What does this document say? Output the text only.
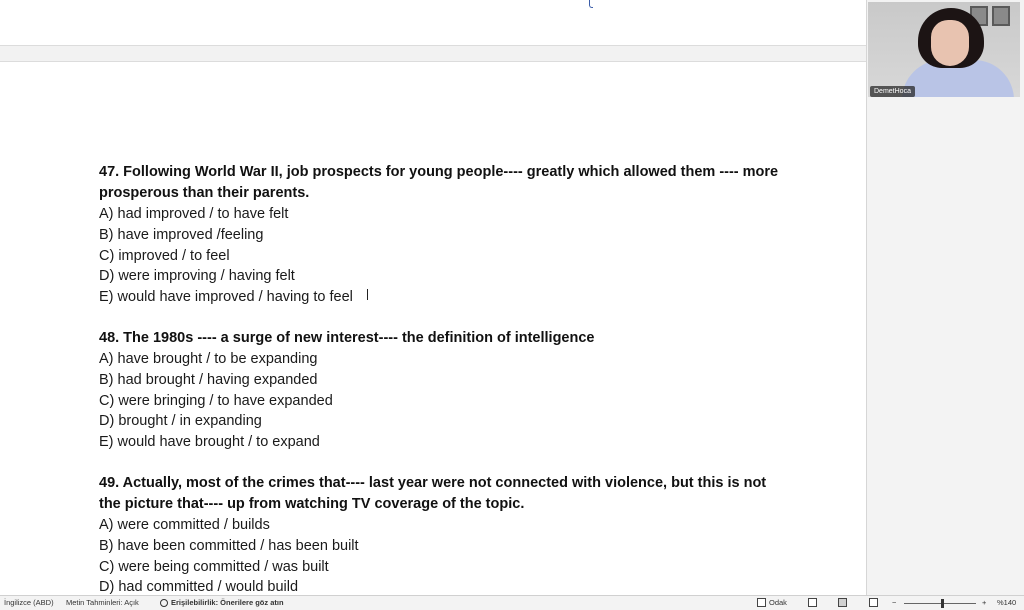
47. Following World War II, job prospects for young people---- greatly which allowed them ---- more prosperous than their parents.

A) had improved / to have felt

B) have improved /feeling

C) improved / to feel

D) were improving / having felt

E) would have improved / having to feel

48. The 1980s ---- a surge of new interest---- the definition of intelligence

A) have brought / to be expanding

B) had brought / having expanded

C) were bringing / to have expanded

D) brought / in expanding

E) would have brought / to expand

49. Actually, most of the crimes that---- last year were not connected with violence, but this is not the picture that---- up from watching TV coverage of the topic.

A) were committed / builds

B) have been committed / has been built

C) were being committed / was built

D) had committed / would build

DemetHoca
İngilizce (ABD) Metin Tahminleri: Açık	Erişilebilirlik: Önerilere göz atın	Odak	−	+ %140
